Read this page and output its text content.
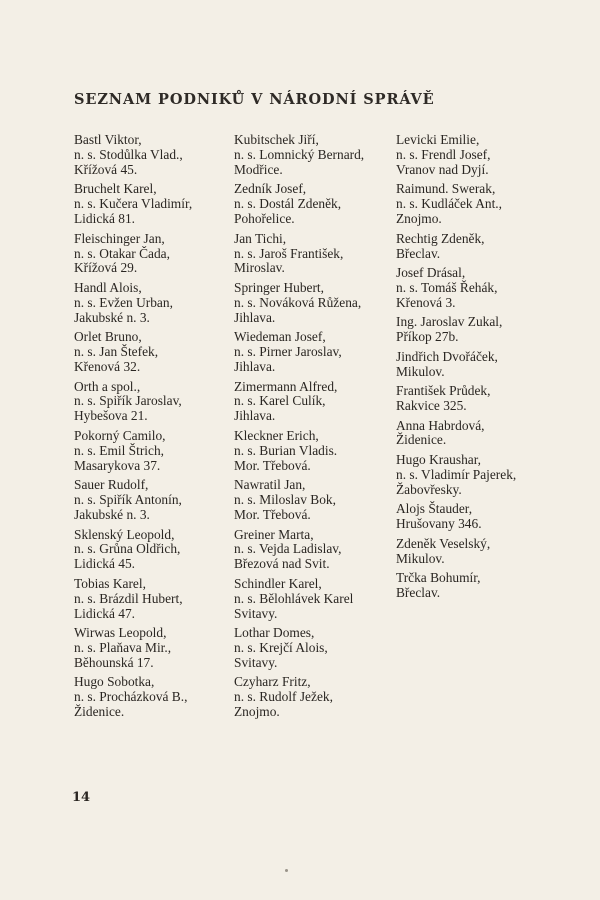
SEZNAM PODNIKŮ V NÁRODNÍ SPRÁVĚ
Bastl Viktor,
n. s. Stodůlka Vlad.,
Křížová 45.
Bruchelt Karel,
n. s. Kučera Vladimír,
Lidická 81.
Fleischinger Jan,
n. s. Otakar Čada,
Křížová 29.
Handl Alois,
n. s. Evžen Urban,
Jakubské n. 3.
Orlet Bruno,
n. s. Jan Štefek,
Křenová 32.
Orth a spol.,
n. s. Spiřík Jaroslav,
Hybešova 21.
Pokorný Camilo,
n. s. Emil Štrich,
Masarykova 37.
Sauer Rudolf,
n. s. Spiřík Antonín,
Jakubské n. 3.
Sklenský Leopold,
n. s. Grůna Oldřich,
Lidická 45.
Tobias Karel,
n. s. Brázdil Hubert,
Lidická 47.
Wirwas Leopold,
n. s. Plaňava Mir.,
Běhounská 17.
Hugo Sobotka,
n. s. Procházková B.,
Židenice.
Kubitschek Jiří,
n. s. Lomnický Bernard,
Modřice.
Zedník Josef,
n. s. Dostál Zdeněk,
Pohořelice.
Jan Tichi,
n. s. Jaroš František,
Miroslav.
Springer Hubert,
n. s. Nováková Růžena,
Jihlava.
Wiedeman Josef,
n. s. Pirner Jaroslav,
Jihlava.
Zimermann Alfred,
n. s. Karel Culík,
Jihlava.
Kleckner Erich,
n. s. Burian Vladis.
Mor. Třebová.
Nawratil Jan,
n. s. Miloslav Bok,
Mor. Třebová.
Greiner Marta,
n. s. Vejda Ladislav,
Březová nad Svit.
Schindler Karel,
n. s. Bělohlávek Karel
Svitavy.
Lothar Domes,
n. s. Krejčí Alois,
Svitavy.
Czyharz Fritz,
n. s. Rudolf Ježek,
Znojmo.
Levicki Emilie,
n. s. Frendl Josef,
Vranov nad Dyjí.
Raimund. Swerak,
n. s. Kudláček Ant.,
Znojmo.
Rechtig Zdeněk,
Břeclav.
Josef Drásal,
n. s. Tomáš Řehák,
Křenová 3.
Ing. Jaroslav Zukal,
Příkop 27b.
Jindřich Dvořáček,
Mikulov.
František Průdek,
Rakvice 325.
Anna Habrdová,
Židenice.
Hugo Kraushar,
n. s. Vladimír Pajerek,
Žabovřesky.
Alojs Štauder,
Hrušovany 346.
Zdeněk Veselský,
Mikulov.
Trčka Bohumír,
Břeclav.
14
